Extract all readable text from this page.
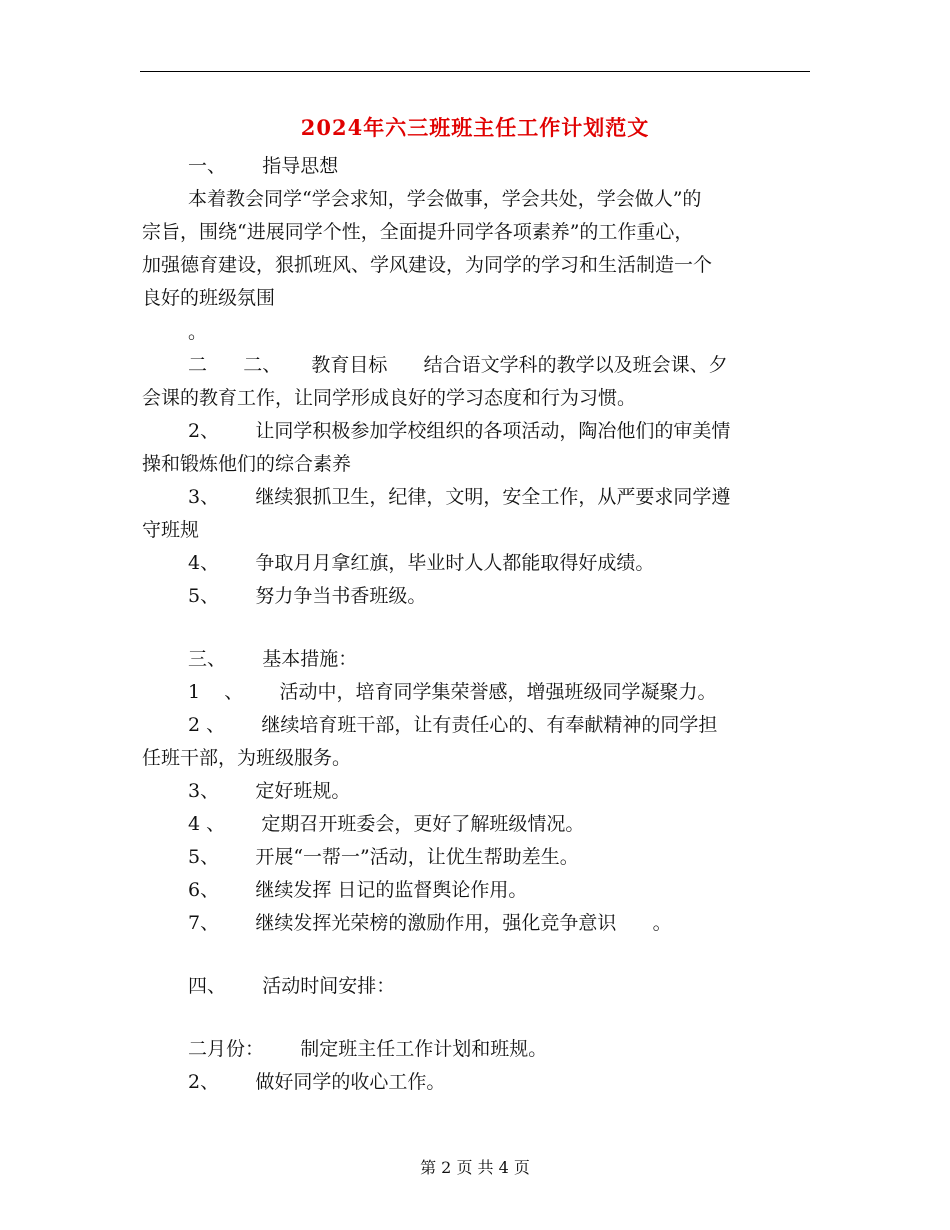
2024年六三班班主任工作计划范文
一、      指导思想
本着教会同学“学会求知，学会做事，学会共处，学会做人”的
宗旨，围绕“进展同学个性，全面提升同学各项素养”的工作重心，
加强德育建设，狠抓班风、学风建设，为同学的学习和生活制造一个
良好的班级氛围
。
二      二、     教育目标      结合语文学科的教学以及班会课、夕
会课的教育工作，让同学形成良好的学习态度和行为习惯。
2、      让同学积极参加学校组织的各项活动，陶冶他们的审美情
操和锻炼他们的综合素养
3、      继续狠抓卫生，纪律，文明，安全工作，从严要求同学遵
守班规
4、      争取月月拿红旗，毕业时人人都能取得好成绩。
5、      努力争当书香班级。
三、      基本措施：
1    、      活动中，培育同学集荣誉感，增强班级同学凝聚力。
2 、      继续培育班干部，让有责任心的、有奉献精神的同学担
任班干部，为班级服务。
3、      定好班规。
4 、      定期召开班委会，更好了解班级情况。
5、      开展“一帮一”活动，让优生帮助差生。
6、      继续发挥 日记的监督舆论作用。
7、      继续发挥光荣榜的激励作用，强化竞争意识      。
四、      活动时间安排：
二月份：      制定班主任工作计划和班规。
2、      做好同学的收心工作。
第 2 页 共 4 页
